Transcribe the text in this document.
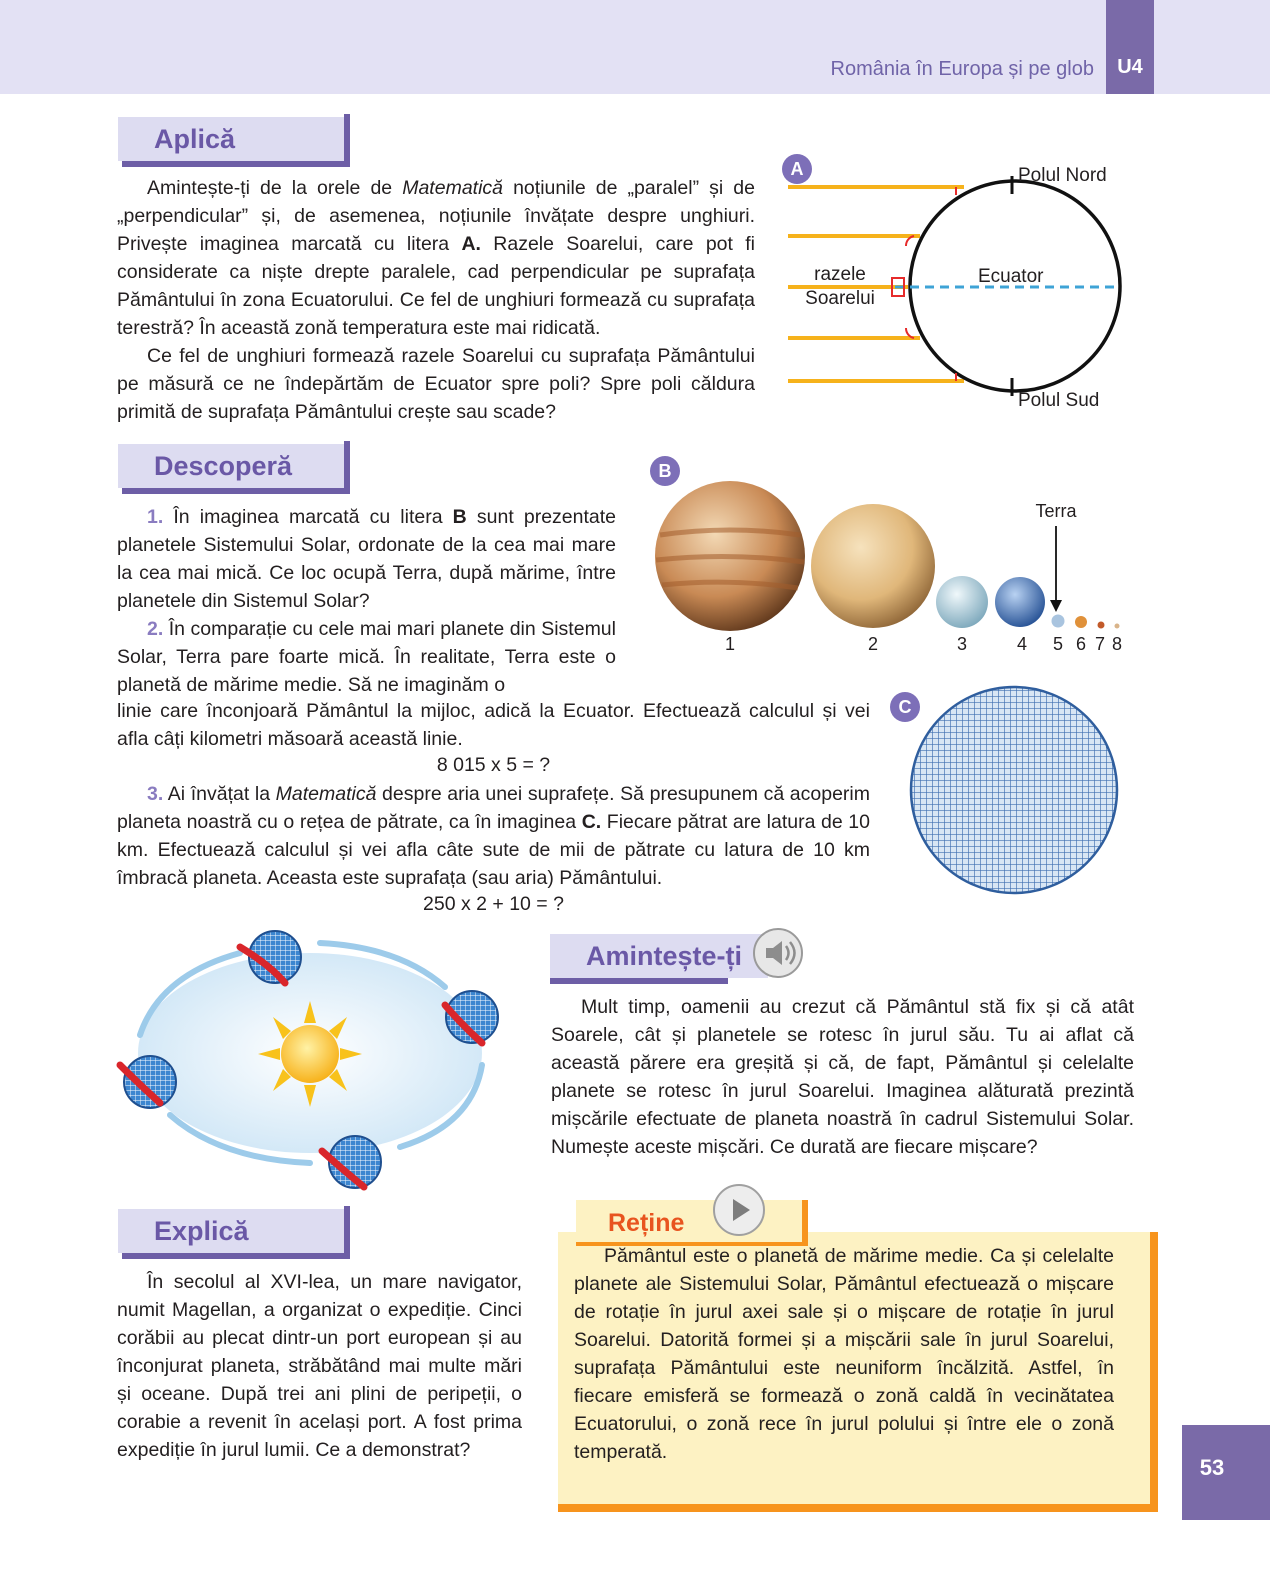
România în Europa și pe glob	U4
Aplică

Amintește-ți de la orele de Matematică noțiunile de „paralel” și de „perpendicular” și, de asemenea, noțiunile învățate despre unghiuri. Privește imaginea marcată cu litera A. Razele Soarelui, care pot fi considerate ca niște drepte paralele, cad perpendicular pe suprafața Pământului în zona Ecuatorului. Ce fel de unghiuri formează cu suprafața terestră? În această zonă temperatura este mai ridicată.

Ce fel de unghiuri formează razele Soarelui cu suprafața Pământului pe măsură ce ne îndepărtăm de Ecuator spre poli? Spre poli căldura primită de suprafața Pământului crește sau scade?

A	Polul Nord
Polul Sud
Ecuator
razele
Soarelui
Descoperă

1. În imaginea marcată cu litera B sunt prezentate planetele Sistemului Solar, ordonate de la cea mai mare la cea mai mică. Ce loc ocupă Terra, după mărime, între planetele din Sistemul Solar?

2. În comparație cu cele mai mari planete din Sistemul Solar, Terra pare foarte mică. În realitate, Terra este o planetă de mărime medie. Să ne imaginăm o

linie care înconjoară Pământul la mijloc, adică la Ecuator. Efectuează calculul și vei afla câți kilometri măsoară această linie.

8 015 x 5 = ?

3. Ai învățat la Matematică despre aria unei suprafețe. Să presupunem că acoperim planeta noastră cu o rețea de pătrate, ca în imaginea C. Fiecare pătrat are latura de 10 km. Efectuează calculul și vei afla câte sute de mii de pătrate cu latura de 10 km îmbracă planeta. Aceasta este suprafața (sau aria) Pământului.

250 x 2 + 10 = ?
B
Terra
1	2	3	4 5 6 7 8
C
Amintește-ți

Mult timp, oamenii au crezut că Pământul stă fix și că atât Soarele, cât și planetele se rotesc în jurul său. Tu ai aflat că această părere era greșită și că, de fapt, Pământul și celelalte planete se rotesc în jurul Soarelui. Imaginea alăturată prezintă mișcările efectuate de planeta noastră în cadrul Sistemului Solar. Numește aceste mișcări. Ce durată are fiecare mișcare?

Explică

În secolul al XVI-lea, un mare navigator, numit Magellan, a organizat o expediție. Cinci corăbii au plecat dintr-un port european și au înconjurat planeta, străbătând mai multe mări și oceane. După trei ani plini de peripeții, o corabie a revenit în același port. A fost prima expediție în jurul lumii. Ce a demonstrat?

Reține

Pământul este o planetă de mărime medie. Ca și celelalte planete ale Sistemului Solar, Pământul efectuează o mișcare de rotație în jurul axei sale și o mișcare de rotație în jurul Soarelui. Datorită formei și a mișcării sale în jurul Soarelui, suprafața Pământului este neuniform încălzită. Astfel, în fiecare emisferă se formează o zonă caldă în vecinătatea Ecuatorului, o zonă rece în jurul polului și între ele o zonă temperată.

53
